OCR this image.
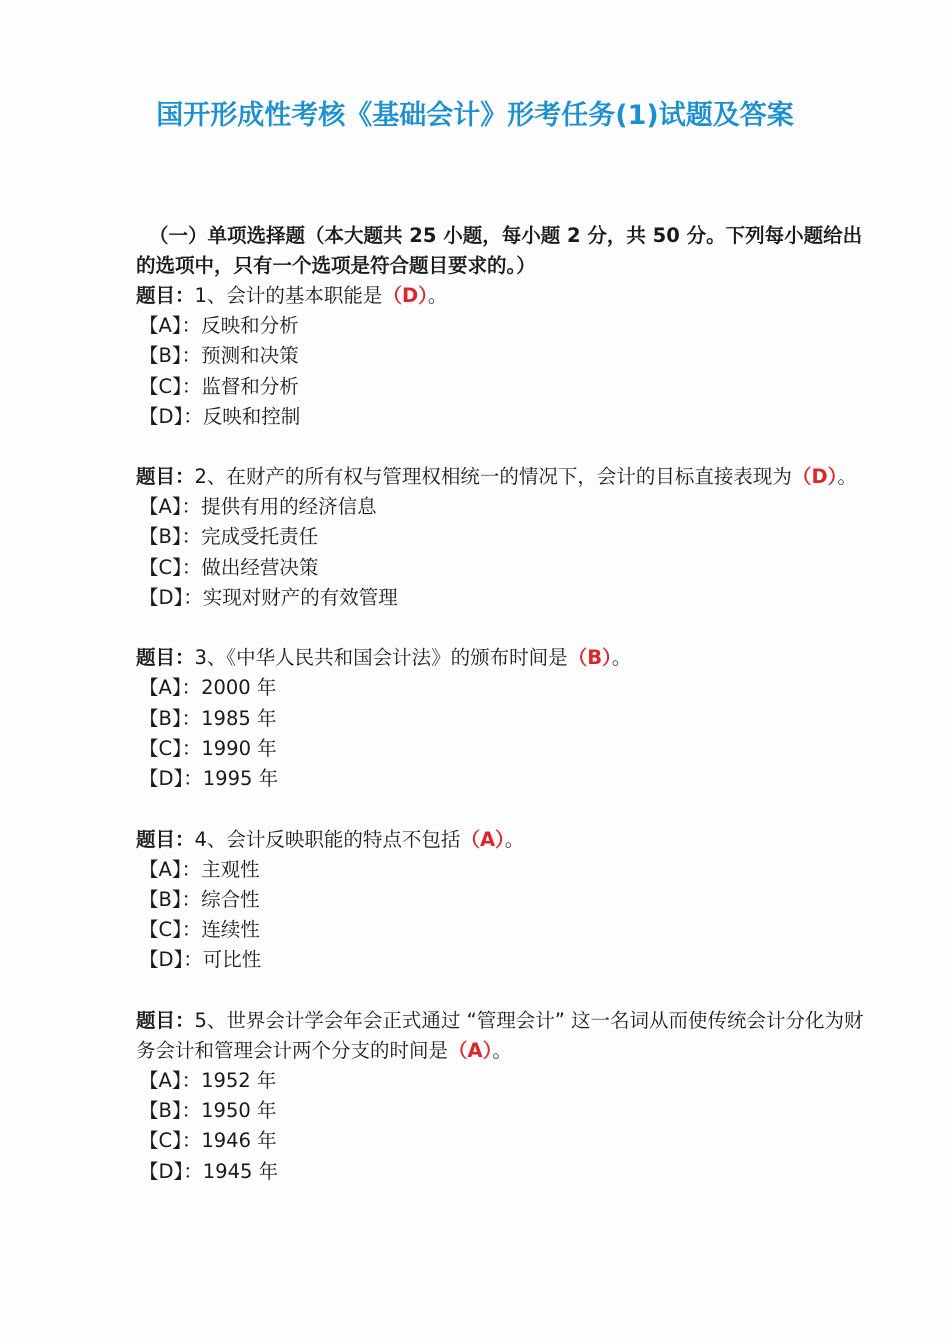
国开形成性考核《基础会计》形考任务(1)试题及答案

（一）单项选择题（本大题共 25 小题，每小题 2 分，共 50 分。下列每小题给出的选项中，只有一个选项是符合题目要求的。）

题目：1、会计的基本职能是（D）。

【A】：反映和分析

【B】：预测和决策

【C】：监督和分析

【D】：反映和控制

题目：2、在财产的所有权与管理权相统一的情况下，会计的目标直接表现为（D）。

【A】：提供有用的经济信息

【B】：完成受托责任

【C】：做出经营决策

【D】：实现对财产的有效管理

题目：3、《中华人民共和国会计法》的颁布时间是（B）。

【A】：2000 年

【B】：1985 年

【C】：1990 年

【D】：1995 年

题目：4、会计反映职能的特点不包括（A）。

【A】：主观性

【B】：综合性

【C】：连续性

【D】：可比性

题目：5、世界会计学会年会正式通过 “管理会计” 这一名词从而使传统会计分化为财务会计和管理会计两个分支的时间是（A）。

【A】：1952 年

【B】：1950 年

【C】：1946 年

【D】：1945 年
